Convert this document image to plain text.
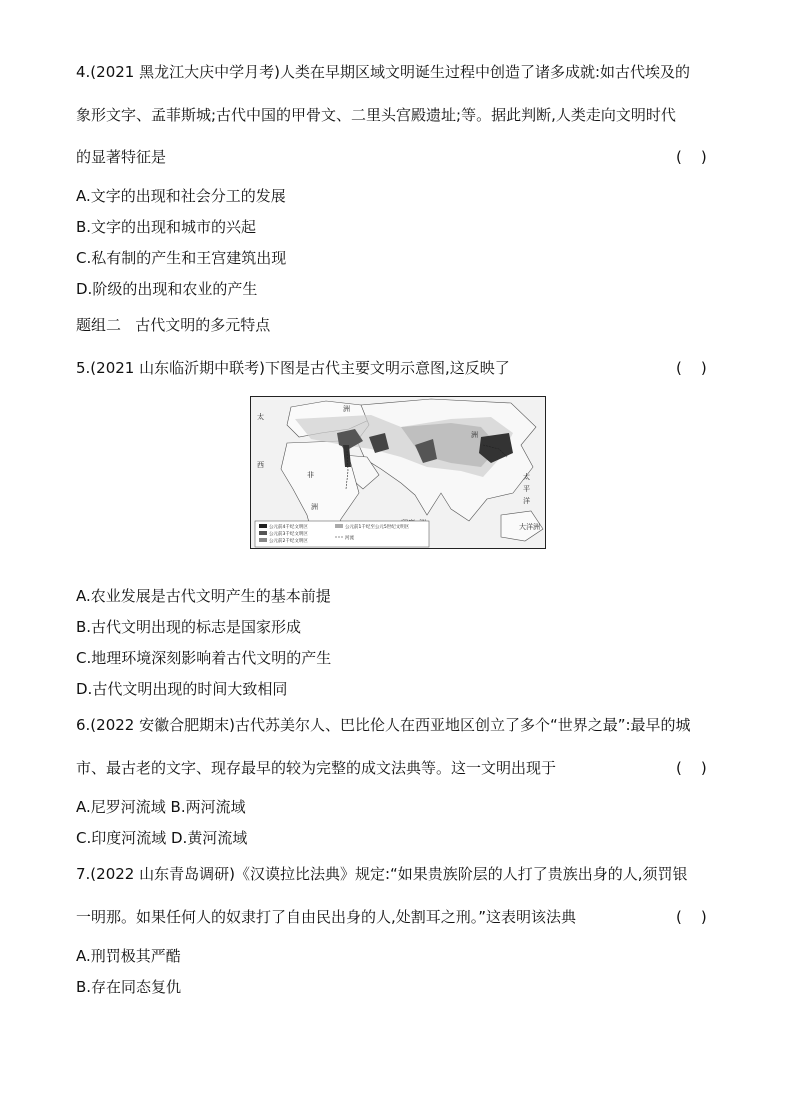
4.(2021 黑龙江大庆中学月考)人类在早期区域文明诞生过程中创造了诸多成就:如古代埃及的
象形文字、孟菲斯城;古代中国的甲骨文、二里头宫殿遗址;等。据此判断,人类走向文明时代
的显著特征是	(    )
A.文字的出现和社会分工的发展
B.文字的出现和城市的兴起
C.私有制的产生和王宫建筑出现
D.阶级的出现和农业的产生
题组二   古代文明的多元特点
5.(2021 山东临沂期中联考)下图是古代主要文明示意图,这反映了	(    )
太
西
洲
洲
非
洲
太
平
洋
大洋洲
公元前4千纪文明区
公元前3千纪文明区
公元前2千纪文明区
公元前1千纪至公元5世纪文明区
河流
A.农业发展是古代文明产生的基本前提
B.古代文明出现的标志是国家形成
C.地理环境深刻影响着古代文明的产生
D.古代文明出现的时间大致相同
6.(2022 安徽合肥期末)古代苏美尔人、巴比伦人在西亚地区创立了多个“世界之最”:最早的城
市、最古老的文字、现存最早的较为完整的成文法典等。这一文明出现于	(    )
A.尼罗河流域 B.两河流域
C.印度河流域 D.黄河流域
7.(2022 山东青岛调研)《汉谟拉比法典》规定:“如果贵族阶层的人打了贵族出身的人,须罚银
一明那。如果任何人的奴隶打了自由民出身的人,处割耳之刑。”这表明该法典	(    )
A.刑罚极其严酷
B.存在同态复仇
